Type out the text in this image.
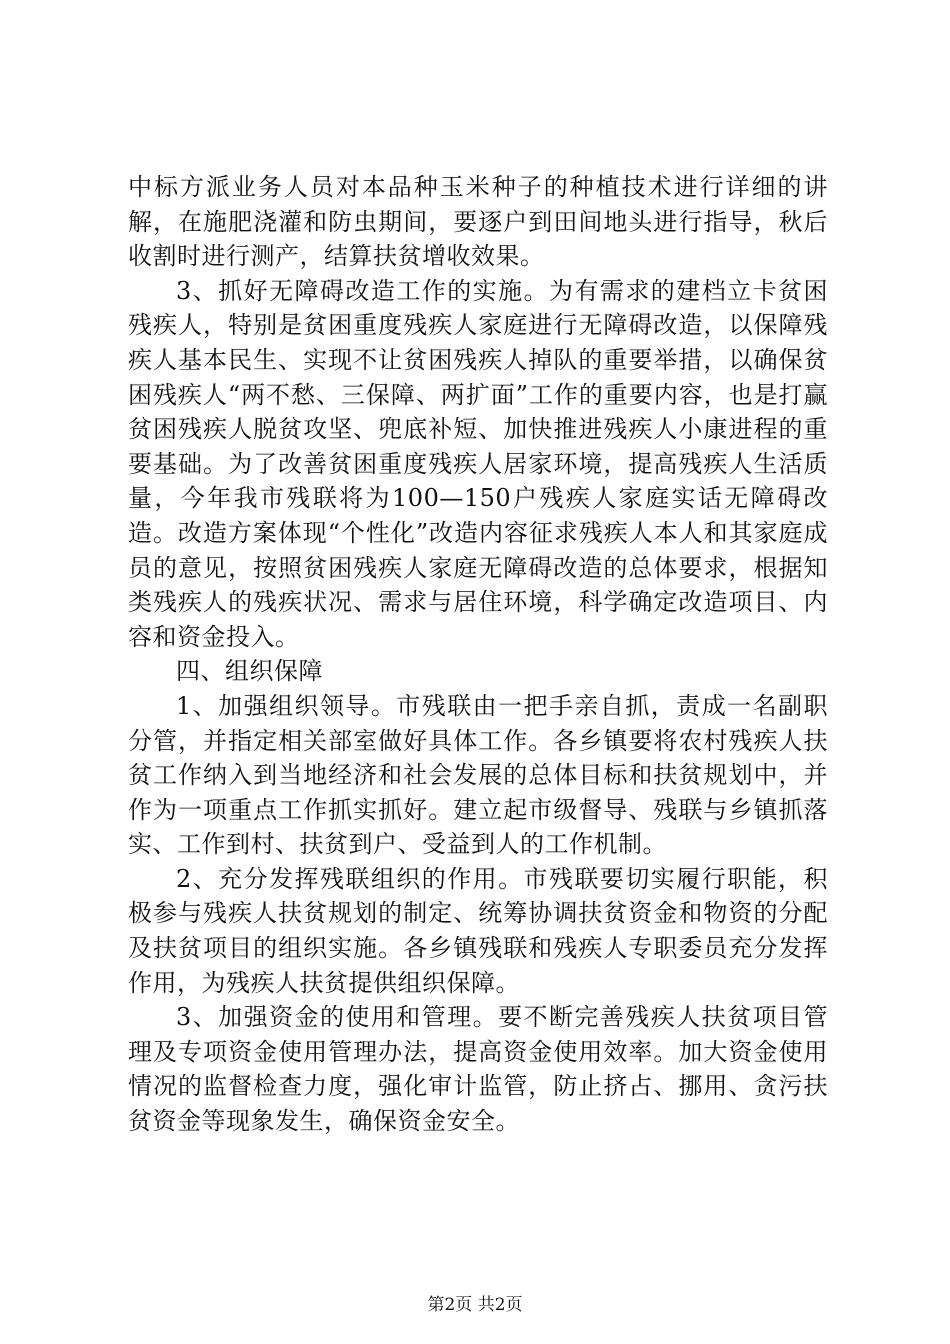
中标方派业务人员对本品种玉米种子的种植技术进行详细的讲解，在施肥浇灌和防虫期间，要逐户到田间地头进行指导，秋后收割时进行测产，结算扶贫增收效果。

3、抓好无障碍改造工作的实施。为有需求的建档立卡贫困残疾人，特别是贫困重度残疾人家庭进行无障碍改造，以保障残疾人基本民生、实现不让贫困残疾人掉队的重要举措，以确保贫困残疾人“两不愁、三保障、两扩面”工作的重要内容，也是打赢贫困残疾人脱贫攻坚、兜底补短、加快推进残疾人小康进程的重要基础。为了改善贫困重度残疾人居家环境，提高残疾人生活质量，今年我市残联将为100—150户残疾人家庭实话无障碍改造。改造方案体现“个性化”改造内容征求残疾人本人和其家庭成员的意见，按照贫困残疾人家庭无障碍改造的总体要求，根据知类残疾人的残疾状况、需求与居住环境，科学确定改造项目、内容和资金投入。

四、组织保障

1、加强组织领导。市残联由一把手亲自抓，责成一名副职分管，并指定相关部室做好具体工作。各乡镇要将农村残疾人扶贫工作纳入到当地经济和社会发展的总体目标和扶贫规划中，并作为一项重点工作抓实抓好。建立起市级督导、残联与乡镇抓落实、工作到村、扶贫到户、受益到人的工作机制。

2、充分发挥残联组织的作用。市残联要切实履行职能，积极参与残疾人扶贫规划的制定、统筹协调扶贫资金和物资的分配及扶贫项目的组织实施。各乡镇残联和残疾人专职委员充分发挥作用，为残疾人扶贫提供组织保障。

3、加强资金的使用和管理。要不断完善残疾人扶贫项目管理及专项资金使用管理办法，提高资金使用效率。加大资金使用情况的监督检查力度，强化审计监管，防止挤占、挪用、贪污扶贫资金等现象发生，确保资金安全。

第2页 共2页
